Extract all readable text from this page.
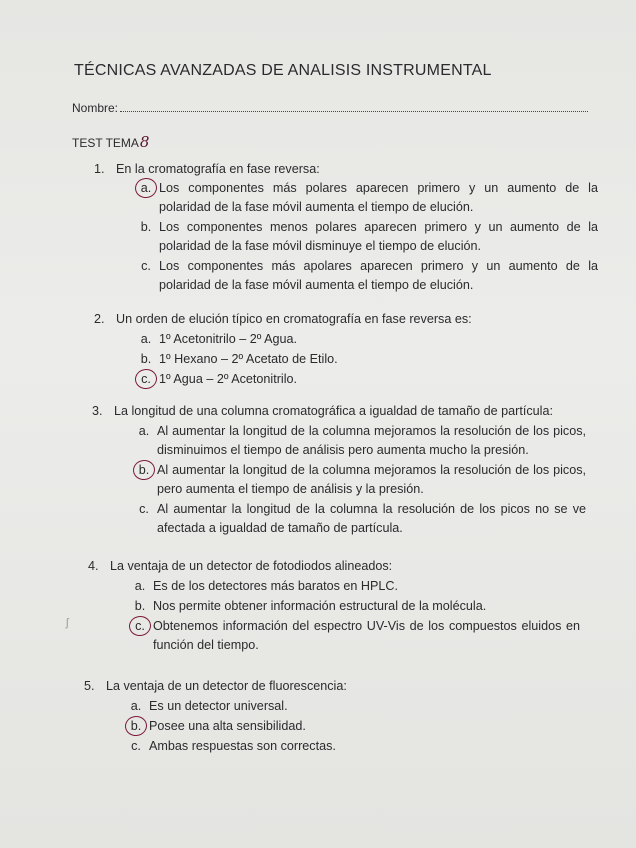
TÉCNICAS AVANZADAS DE ANALISIS INSTRUMENTAL
Nombre:
TEST TEMA8
1. En la cromatografía en fase reversa:
a. Los componentes más polares aparecen primero y un aumento de la polaridad de la fase móvil aumenta el tiempo de elución.
b. Los componentes menos polares aparecen primero y un aumento de la polaridad de la fase móvil disminuye el tiempo de elución.
c. Los componentes más apolares aparecen primero y un aumento de la polaridad de la fase móvil aumenta el tiempo de elución.
2. Un orden de elución típico en cromatografía en fase reversa es:
a. 1º Acetonitrilo – 2º Agua.
b. 1º Hexano – 2º Acetato de Etilo.
c. 1º Agua – 2º Acetonitrilo.
3. La longitud de una columna cromatográfica a igualdad de tamaño de partícula:
a. Al aumentar la longitud de la columna mejoramos la resolución de los picos, disminuimos el tiempo de análisis pero aumenta mucho la presión.
b. Al aumentar la longitud de la columna mejoramos la resolución de los picos, pero aumenta el tiempo de análisis y la presión.
c. Al aumentar la longitud de la columna la resolución de los picos no se ve afectada a igualdad de tamaño de partícula.
4. La ventaja de un detector de fotodiodos alineados:
a. Es de los detectores más baratos en HPLC.
b. Nos permite obtener información estructural de la molécula.
c. Obtenemos información del espectro UV-Vis de los compuestos eluidos en función del tiempo.
5. La ventaja de un detector de fluorescencia:
a. Es un detector universal.
b. Posee una alta sensibilidad.
c. Ambas respuestas son correctas.
ʃ
